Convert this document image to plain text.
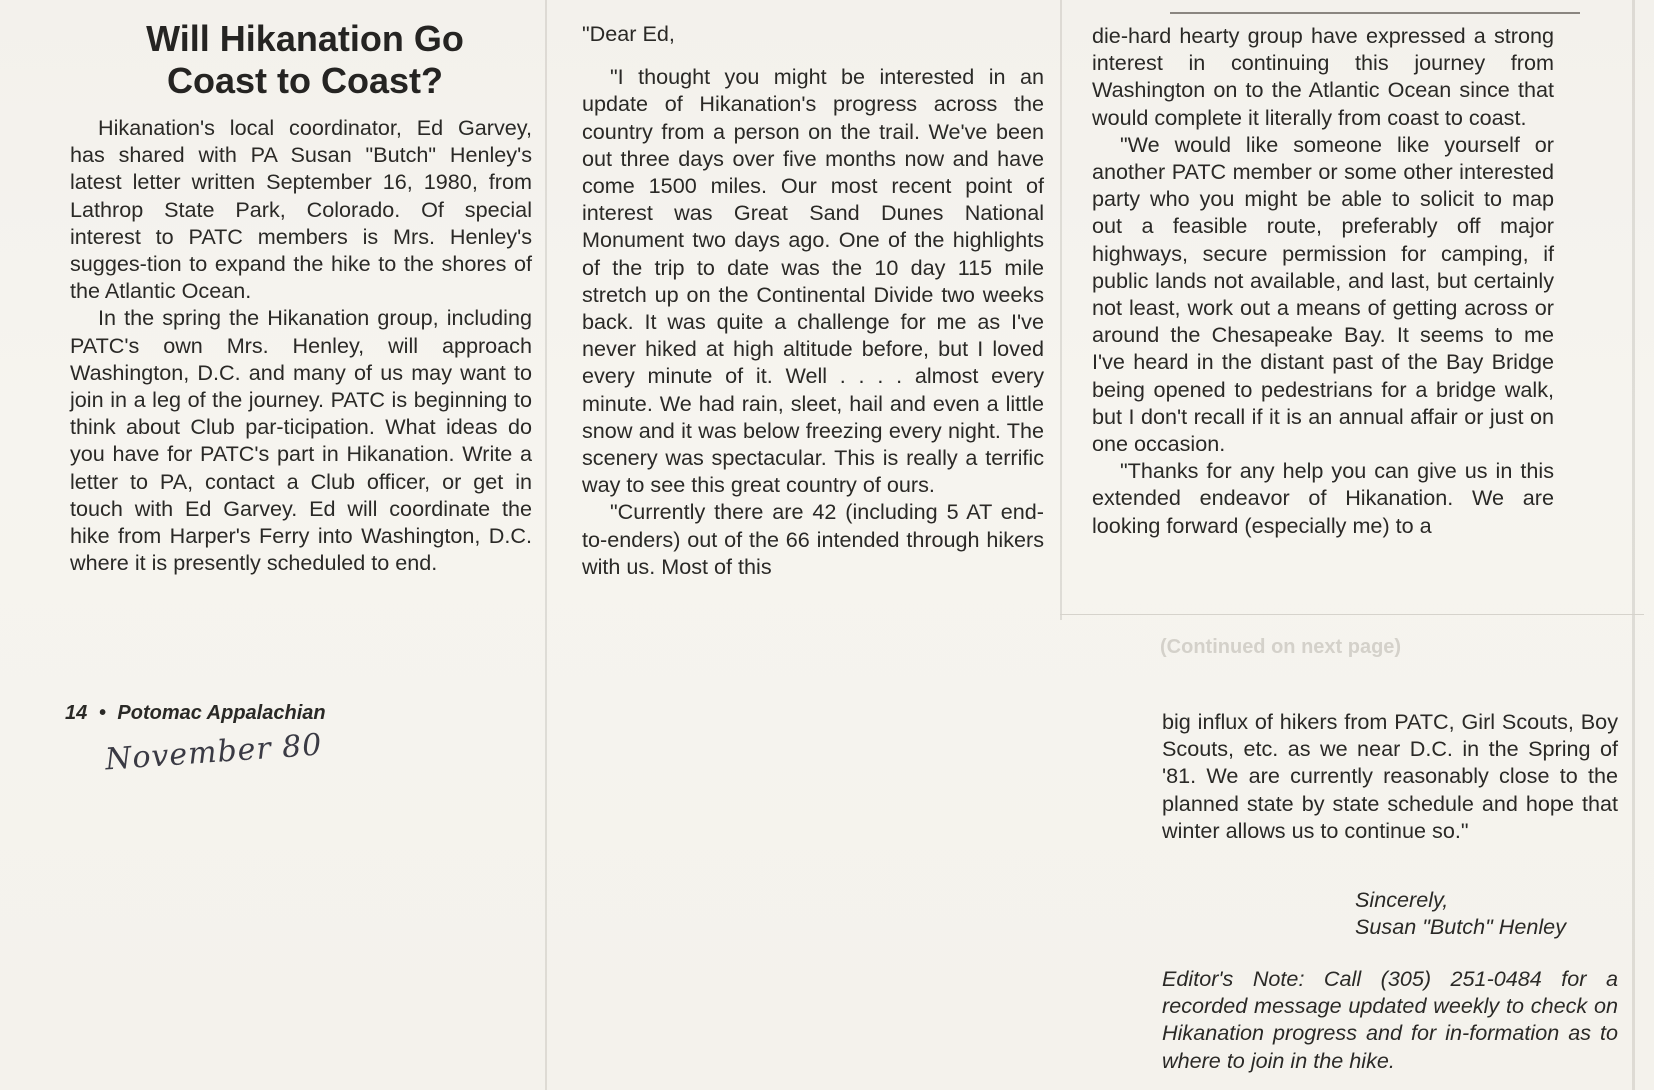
Will Hikanation Go
Coast to Coast?

Hikanation's local coordinator, Ed Garvey, has shared with PA Susan "Butch" Henley's latest letter written September 16, 1980, from Lathrop State Park, Colorado. Of special interest to PATC members is Mrs. Henley's sugges-tion to expand the hike to the shores of the Atlantic Ocean.

In the spring the Hikanation group, including PATC's own Mrs. Henley, will approach Washington, D.C. and many of us may want to join in a leg of the journey. PATC is beginning to think about Club par-ticipation. What ideas do you have for PATC's part in Hikanation. Write a letter to PA, contact a Club officer, or get in touch with Ed Garvey. Ed will coordinate the hike from Harper's Ferry into Washington, D.C. where it is presently scheduled to end.

"Dear Ed,

"I thought you might be interested in an update of Hikanation's progress across the country from a person on the trail. We've been out three days over five months now and have come 1500 miles. Our most recent point of interest was Great Sand Dunes National Monument two days ago. One of the highlights of the trip to date was the 10 day 115 mile stretch up on the Continental Divide two weeks back. It was quite a challenge for me as I've never hiked at high altitude before, but I loved every minute of it. Well . . . . almost every minute. We had rain, sleet, hail and even a little snow and it was below freezing every night. The scenery was spectacular. This is really a terrific way to see this great country of ours.

"Currently there are 42 (including 5 AT end-to-enders) out of the 66 intended through hikers with us. Most of this

die-hard hearty group have expressed a strong interest in continuing this journey from Washington on to the Atlantic Ocean since that would complete it literally from coast to coast.

"We would like someone like yourself or another PATC member or some other interested party who you might be able to solicit to map out a feasible route, preferably off major highways, secure permission for camping, if public lands not available, and last, but certainly not least, work out a means of getting across or around the Chesapeake Bay. It seems to me I've heard in the distant past of the Bay Bridge being opened to pedestrians for a bridge walk, but I don't recall if it is an annual affair or just on one occasion.

"Thanks for any help you can give us in this extended endeavor of Hikanation. We are looking forward (especially me) to a

(Continued on next page)

big influx of hikers from PATC, Girl Scouts, Boy Scouts, etc. as we near D.C. in the Spring of '81. We are currently reasonably close to the planned state by state schedule and hope that winter allows us to continue so."

Sincerely,
Susan "Butch" Henley
Editor's Note: Call (305) 251-0484 for a recorded message updated weekly to check on Hikanation progress and for in-formation as to where to join in the hike.
14 • Potomac Appalachian
November 80
